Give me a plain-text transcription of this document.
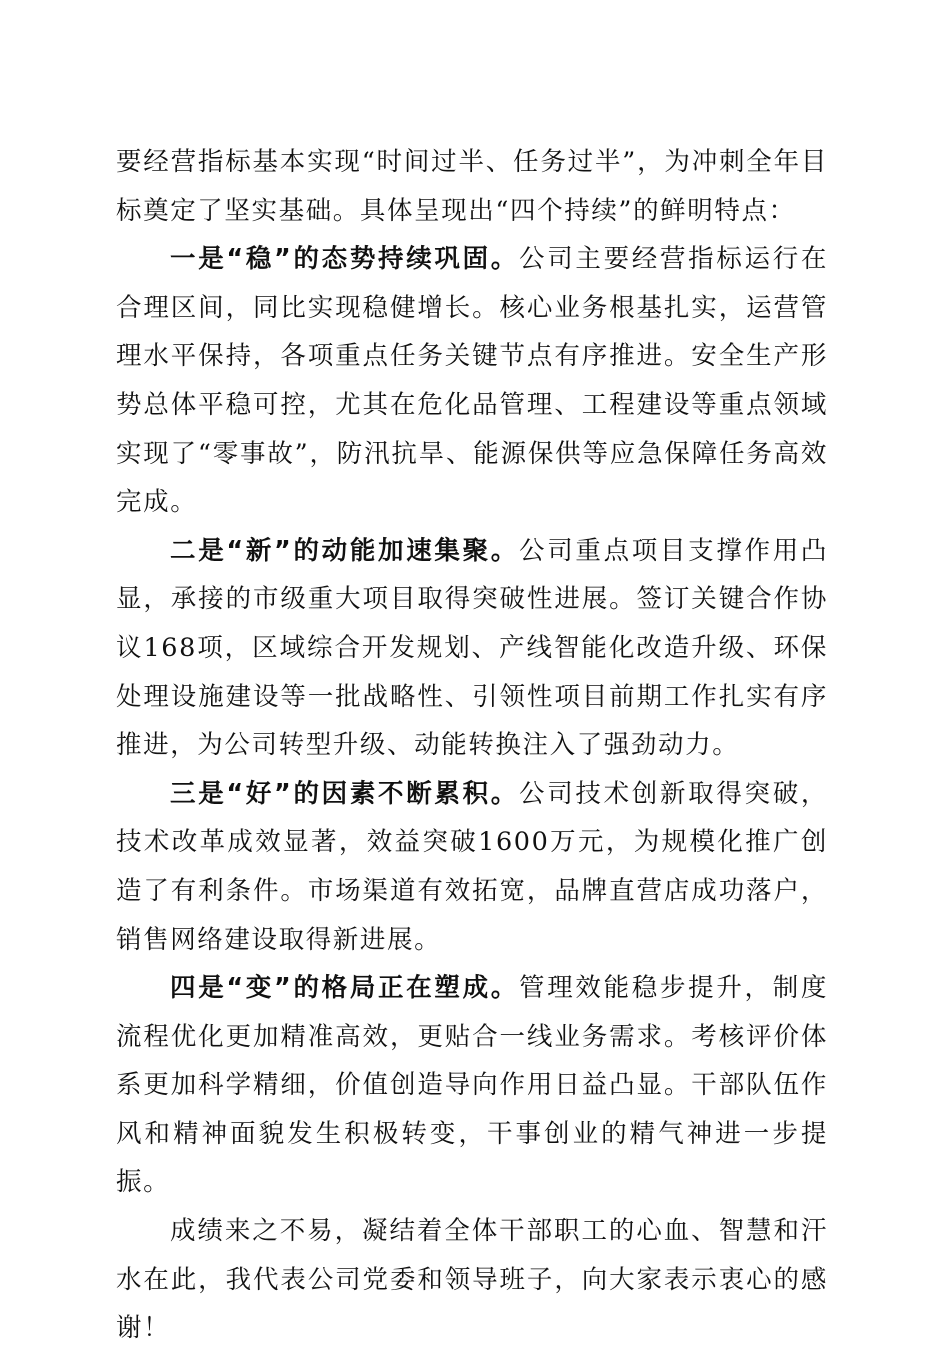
要经营指标基本实现“时间过半、任务过半”，为冲刺全年目标奠定了坚实基础。具体呈现出“四个持续”的鲜明特点：

一是“稳”的态势持续巩固。公司主要经营指标运行在合理区间，同比实现稳健增长。核心业务根基扎实，运营管理水平保持，各项重点任务关键节点有序推进。安全生产形势总体平稳可控，尤其在危化品管理、工程建设等重点领域实现了“零事故”，防汛抗旱、能源保供等应急保障任务高效完成。

二是“新”的动能加速集聚。公司重点项目支撑作用凸显，承接的市级重大项目取得突破性进展。签订关键合作协议168项，区域综合开发规划、产线智能化改造升级、环保处理设施建设等一批战略性、引领性项目前期工作扎实有序推进，为公司转型升级、动能转换注入了强劲动力。

三是“好”的因素不断累积。公司技术创新取得突破，技术改革成效显著，效益突破1600万元，为规模化推广创造了有利条件。市场渠道有效拓宽，品牌直营店成功落户，销售网络建设取得新进展。

四是“变”的格局正在塑成。管理效能稳步提升，制度流程优化更加精准高效，更贴合一线业务需求。考核评价体系更加科学精细，价值创造导向作用日益凸显。干部队伍作风和精神面貌发生积极转变，干事创业的精气神进一步提振。

成绩来之不易，凝结着全体干部职工的心血、智慧和汗水在此，我代表公司党委和领导班子，向大家表示衷心的感谢！
